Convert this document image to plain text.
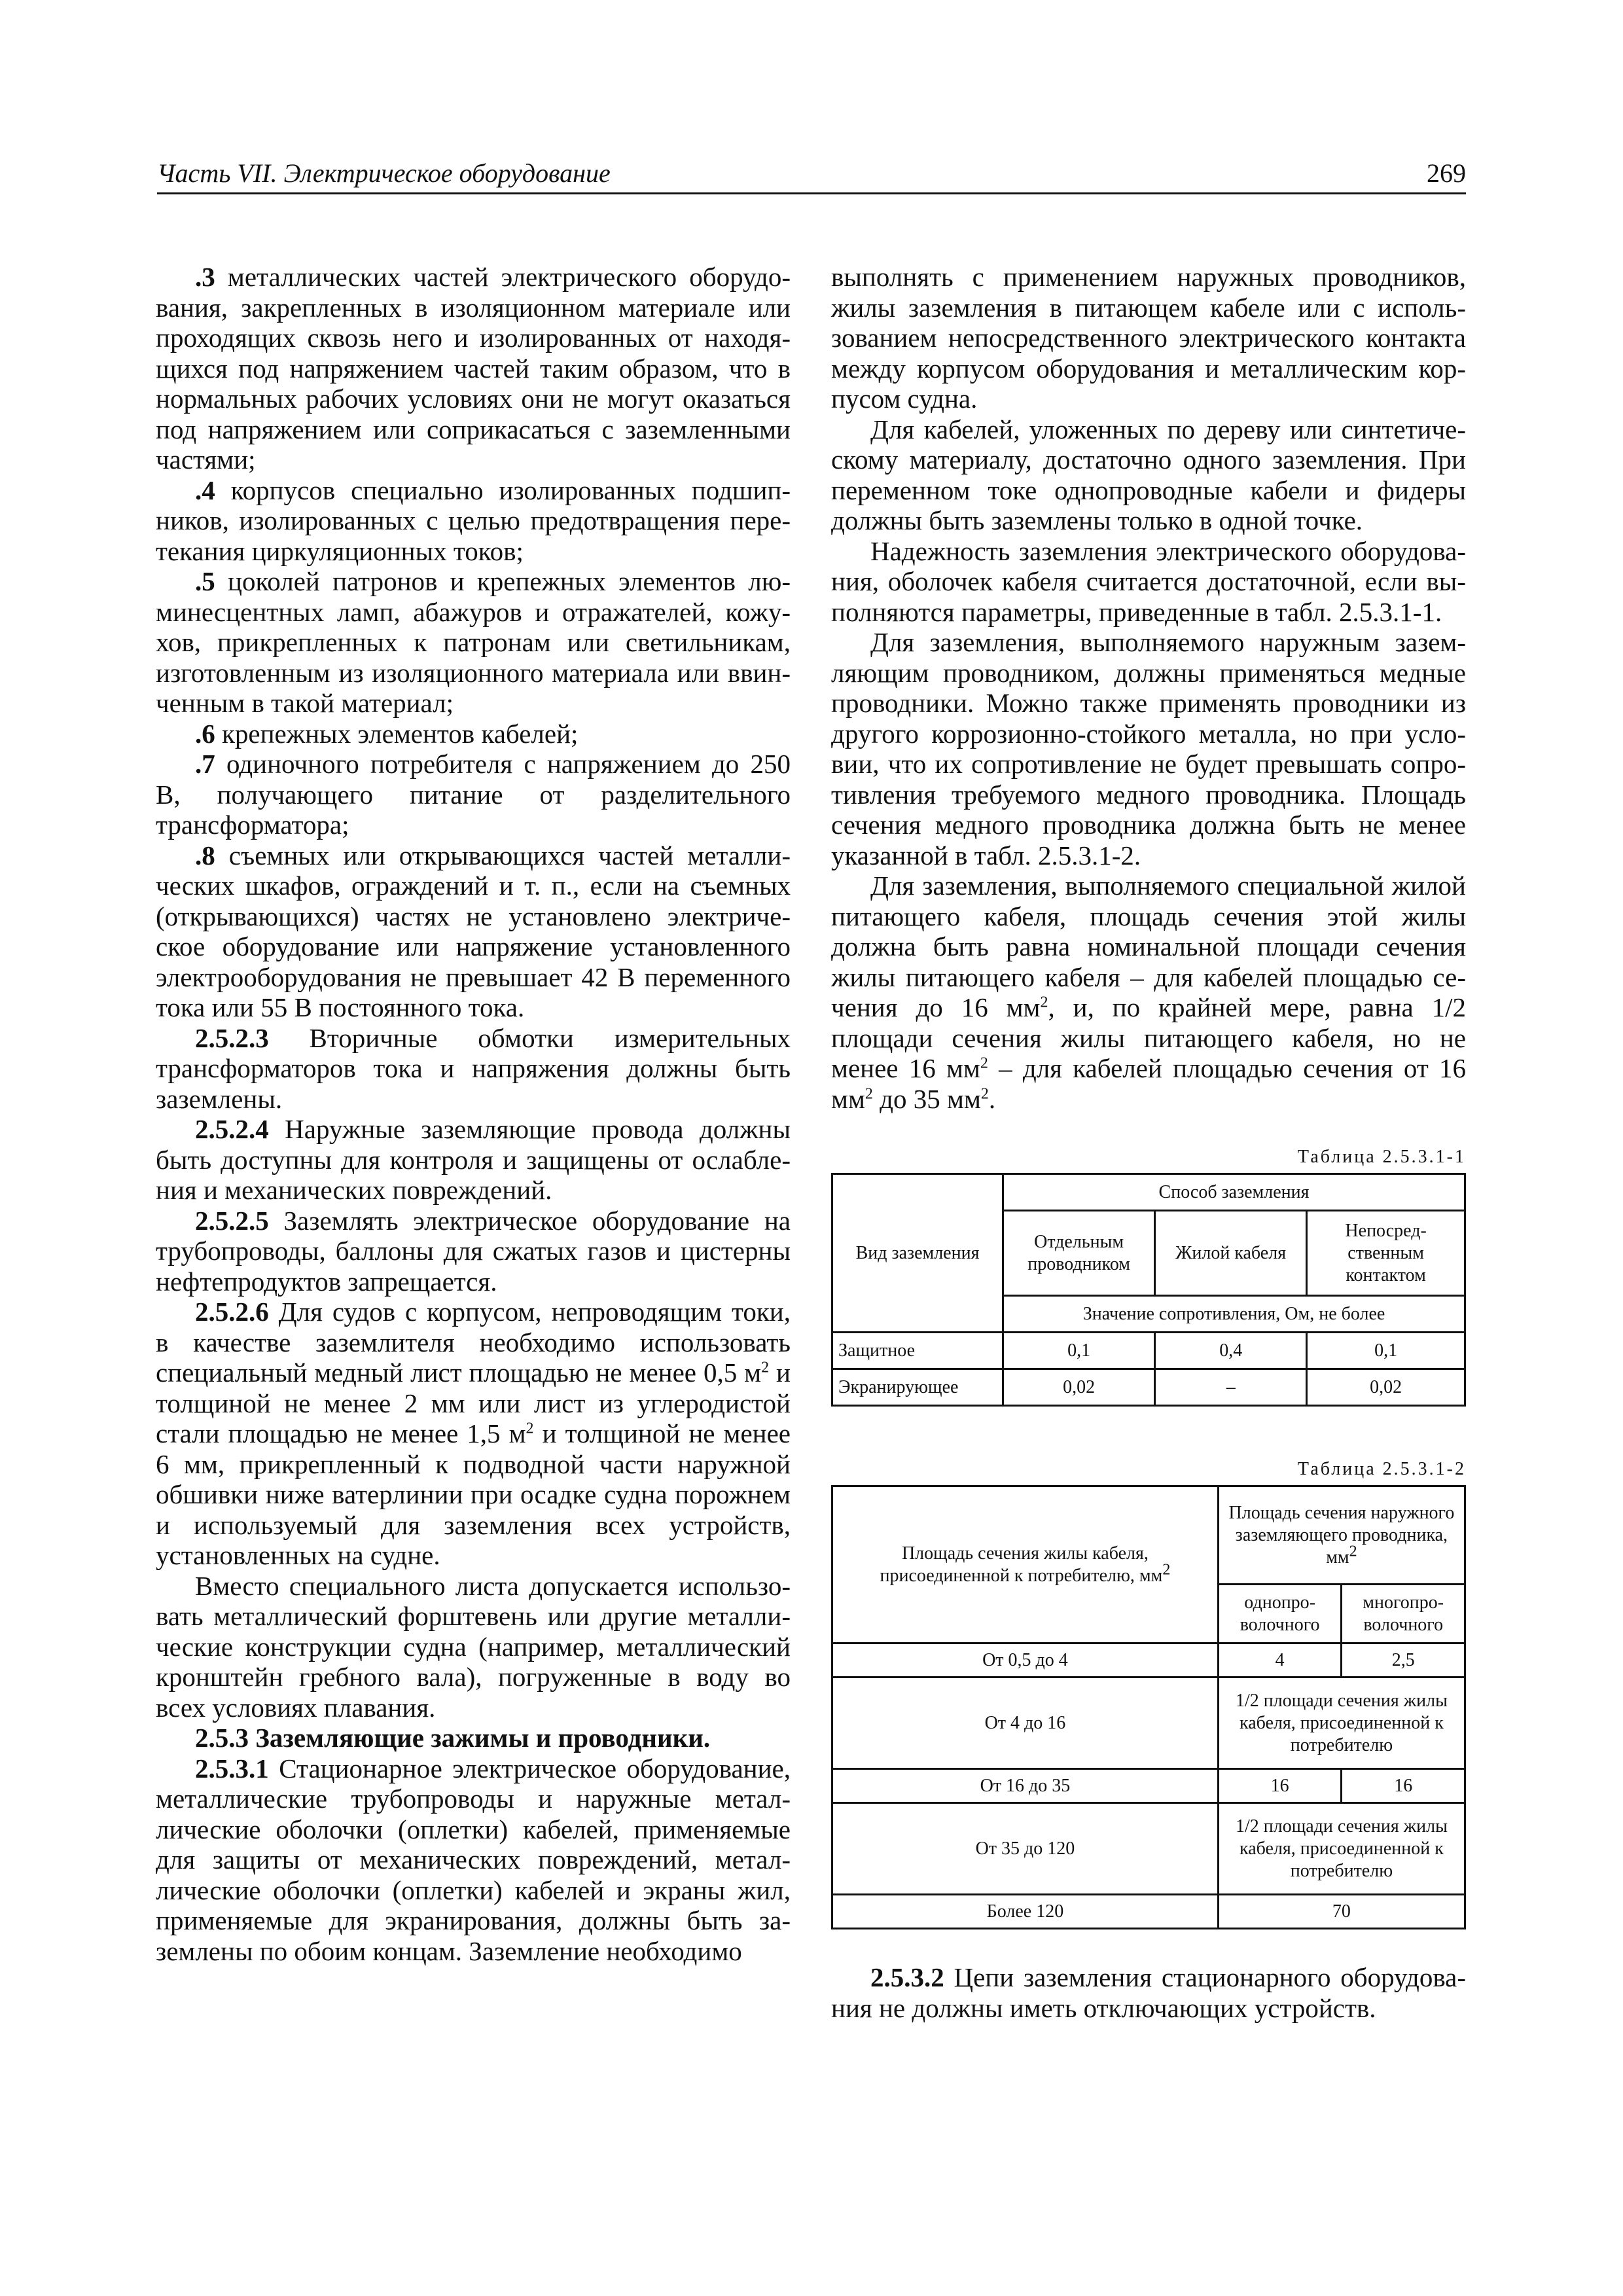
Часть VII. Электрическое оборудование	269

.3 металлических частей электрического оборудования, закрепленных в изоляционном материале или проходящих сквозь него и изолированных от находящихся под напряжением частей таким образом, что в нормальных рабочих условиях они не могут оказаться под напряжением или соприкасаться с заземленными частями;

.4 корпусов специально изолированных подшипников, изолированных с целью предотвращения перетекания циркуляционных токов;

.5 цоколей патронов и крепежных элементов люминесцентных ламп, абажуров и отражателей, кожухов, прикрепленных к патронам или светильникам, изготовленным из изоляционного материала или ввинченным в такой материал;

.6 крепежных элементов кабелей;

.7 одиночного потребителя с напряжением до 250 В, получающего питание от разделительного трансформатора;

.8 съемных или открывающихся частей металлических шкафов, ограждений и т. п., если на съемных (открывающихся) частях не установлено электрическое оборудование или напряжение установленного электрооборудования не превышает 42 В переменного тока или 55 В постоянного тока.

2.5.2.3 Вторичные обмотки измерительных трансформаторов тока и напряжения должны быть заземлены.

2.5.2.4 Наружные заземляющие провода должны быть доступны для контроля и защищены от ослабления и механических повреждений.

2.5.2.5 Заземлять электрическое оборудование на трубопроводы, баллоны для сжатых газов и цистерны нефтепродуктов запрещается.

2.5.2.6 Для судов с корпусом, непроводящим токи, в качестве заземлителя необходимо использовать специальный медный лист площадью не менее 0,5 $м^2$ и толщиной не менее 2 мм или лист из углеродистой стали площадью не менее 1,5 $м^2$ и толщиной не менее 6 мм, прикрепленный к подводной части наружной обшивки ниже ватерлинии при осадке судна порожнем и используемый для заземления всех устройств, установленных на судне.

Вместо специального листа допускается использовать металлический форштевень или другие металлические конструкции судна (например, металлический кронштейн гребного вала), погруженные в воду во всех условиях плавания.

2.5.3 Заземляющие зажимы и проводники.

2.5.3.1 Стационарное электрическое оборудование, металлические трубопроводы и наружные металлические оболочки (оплетки) кабелей, применяемые для защиты от механических повреждений, металлические оболочки (оплетки) кабелей и экраны жил, применяемые для экранирования, должны быть заземлены по обоим концам. Заземление необходимо

выполнять с применением наружных проводников, жилы заземления в питающем кабеле или с использованием непосредственного электрического контакта между корпусом оборудования и металлическим корпусом судна.

Для кабелей, уложенных по дереву или синтетическому материалу, достаточно одного заземления. При переменном токе однопроводные кабели и фидеры должны быть заземлены только в одной точке.

Надежность заземления электрического оборудования, оболочек кабеля считается достаточной, если выполняются параметры, приведенные в табл. 2.5.3.1-1.

Для заземления, выполняемого наружным заземляющим проводником, должны применяться медные проводники. Можно также применять проводники из другого коррозионно-стойкого металла, но при условии, что их сопротивление не будет превышать сопротивления требуемого медного проводника. Площадь сечения медного проводника должна быть не менее указанной в табл. 2.5.3.1-2.

Для заземления, выполняемого специальной жилой питающего кабеля, площадь сечения этой жилы должна быть равна номинальной площади сечения жилы питающего кабеля – для кабелей площадью сечения до 16 $мм^2$, и, по крайней мере, равна 1/2 площади сечения жилы питающего кабеля, но не менее 16 $мм^2$ – для кабелей площадью сечения от 16 $мм^2$ до 35 $мм^2$.

Таблица 2.5.3.1-1

Вид заземления	Способ заземления		
	Отдельным проводником	Жилой кабеля	Непосредственным контактом
	Значение сопротивления, Ом, не более		
Защитное	0,1	0,4	0,1
Экранирующее	0,02	–	0,02

Таблица 2.5.3.1-2

Площадь сечения жилы кабеля, присоединенной к потребителю, $мм^2$	Площадь сечения наружного заземляющего проводника, $мм^2$
	однопроволочного	многопроволочного
От 0,5 до 4	4	2,5
От 4 до 16	1/2 площади сечения жилы кабеля, присоединенной к потребителю	
От 16 до 35	16	16
От 35 до 120	1/2 площади сечения жилы кабеля, присоединенной к потребителю	
Более 120	70	

2.5.3.2 Цепи заземления стационарного оборудования не должны иметь отключающих устройств.
